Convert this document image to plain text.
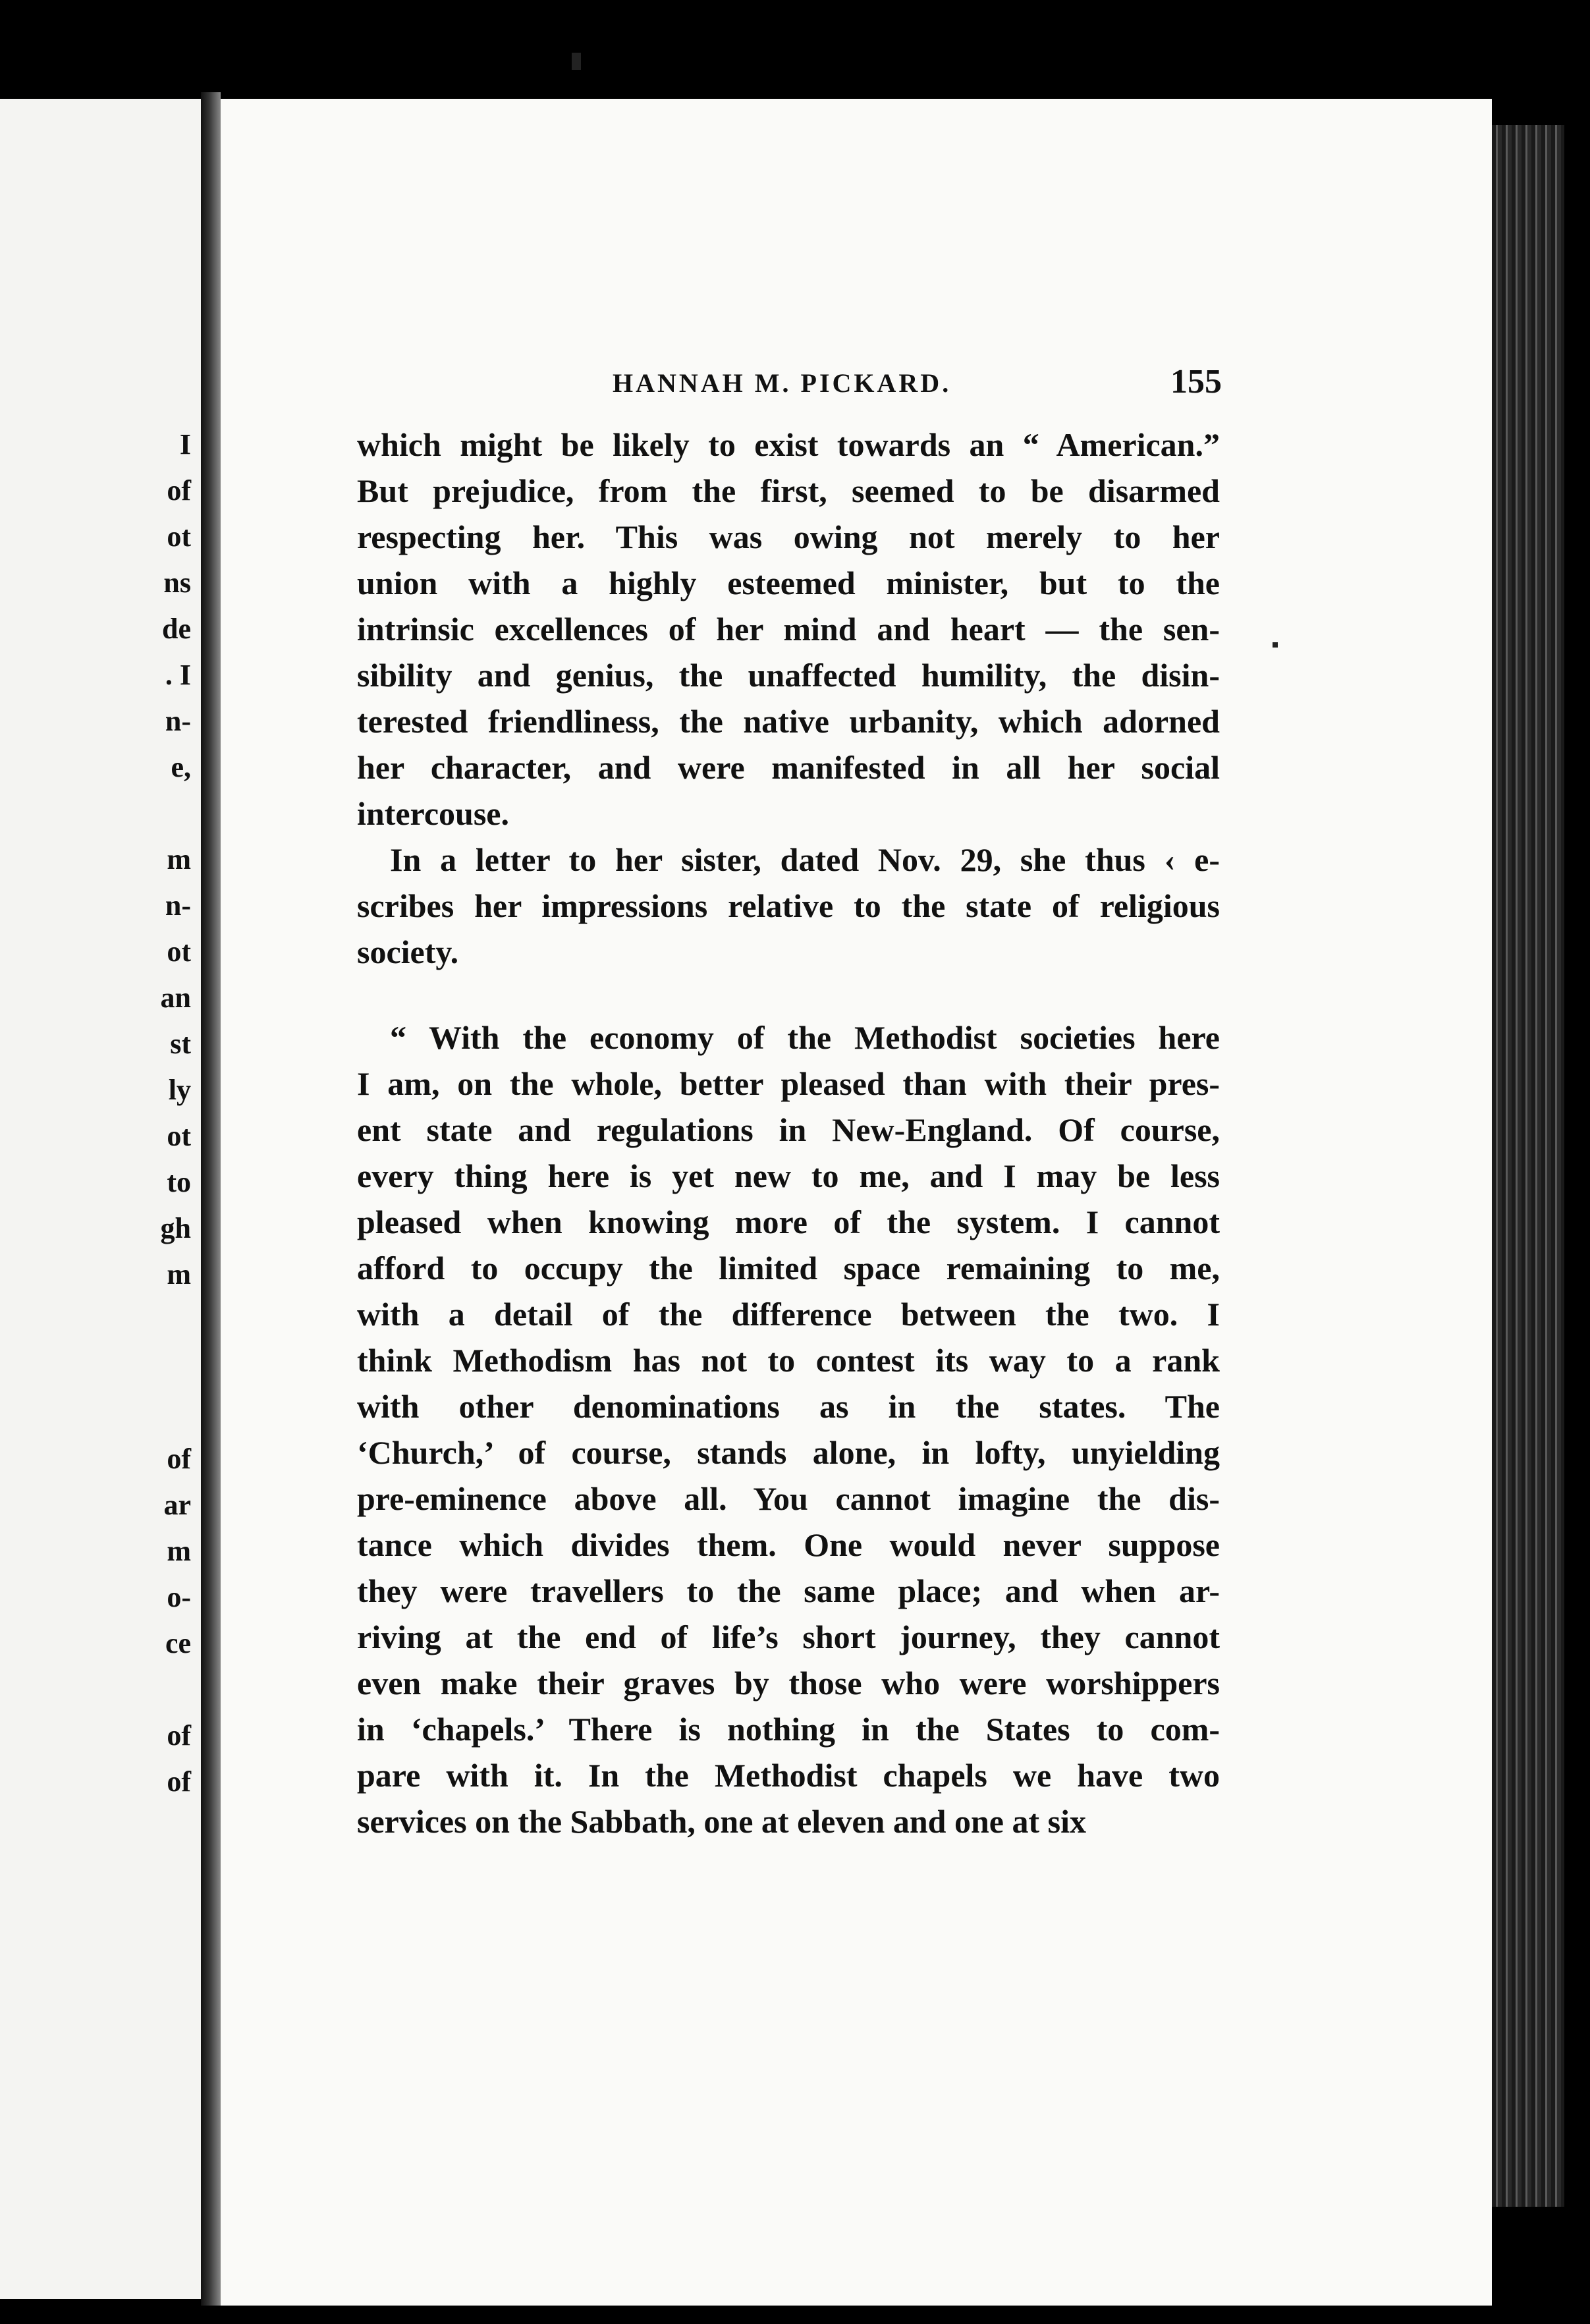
I
of
ot
ns
de
. I
n-
e,
m
n-
ot
an
st
ly
ot
to
gh
m
of
ar
m
o-
ce
of
of
HANNAH M. PICKARD.	155
which might be likely to exist towards an “ American.”
But prejudice, from the first, seemed to be disarmed
respecting her. This was owing not merely to her
union with a highly esteemed minister, but to the
intrinsic excellences of her mind and heart — the sen-
sibility and genius, the unaffected humility, the disin-
terested friendliness, the native urbanity, which adorned
her character, and were manifested in all her social
intercouse.
In a letter to her sister, dated Nov. 29, she thus ‹ e-
scribes her impressions relative to the state of religious
society.
“ With the economy of the Methodist societies here
I am, on the whole, better pleased than with their pres-
ent state and regulations in New-England. Of course,
every thing here is yet new to me, and I may be less
pleased when knowing more of the system. I cannot
afford to occupy the limited space remaining to me,
with a detail of the difference between the two. I
think Methodism has not to contest its way to a rank
with other denominations as in the states. The
‘Church,’ of course, stands alone, in lofty, unyielding
pre-eminence above all. You cannot imagine the dis-
tance which divides them. One would never suppose
they were travellers to the same place; and when ar-
riving at the end of life’s short journey, they cannot
even make their graves by those who were worshippers
in ‘chapels.’ There is nothing in the States to com-
pare with it. In the Methodist chapels we have two
services on the Sabbath, one at eleven and one at six
